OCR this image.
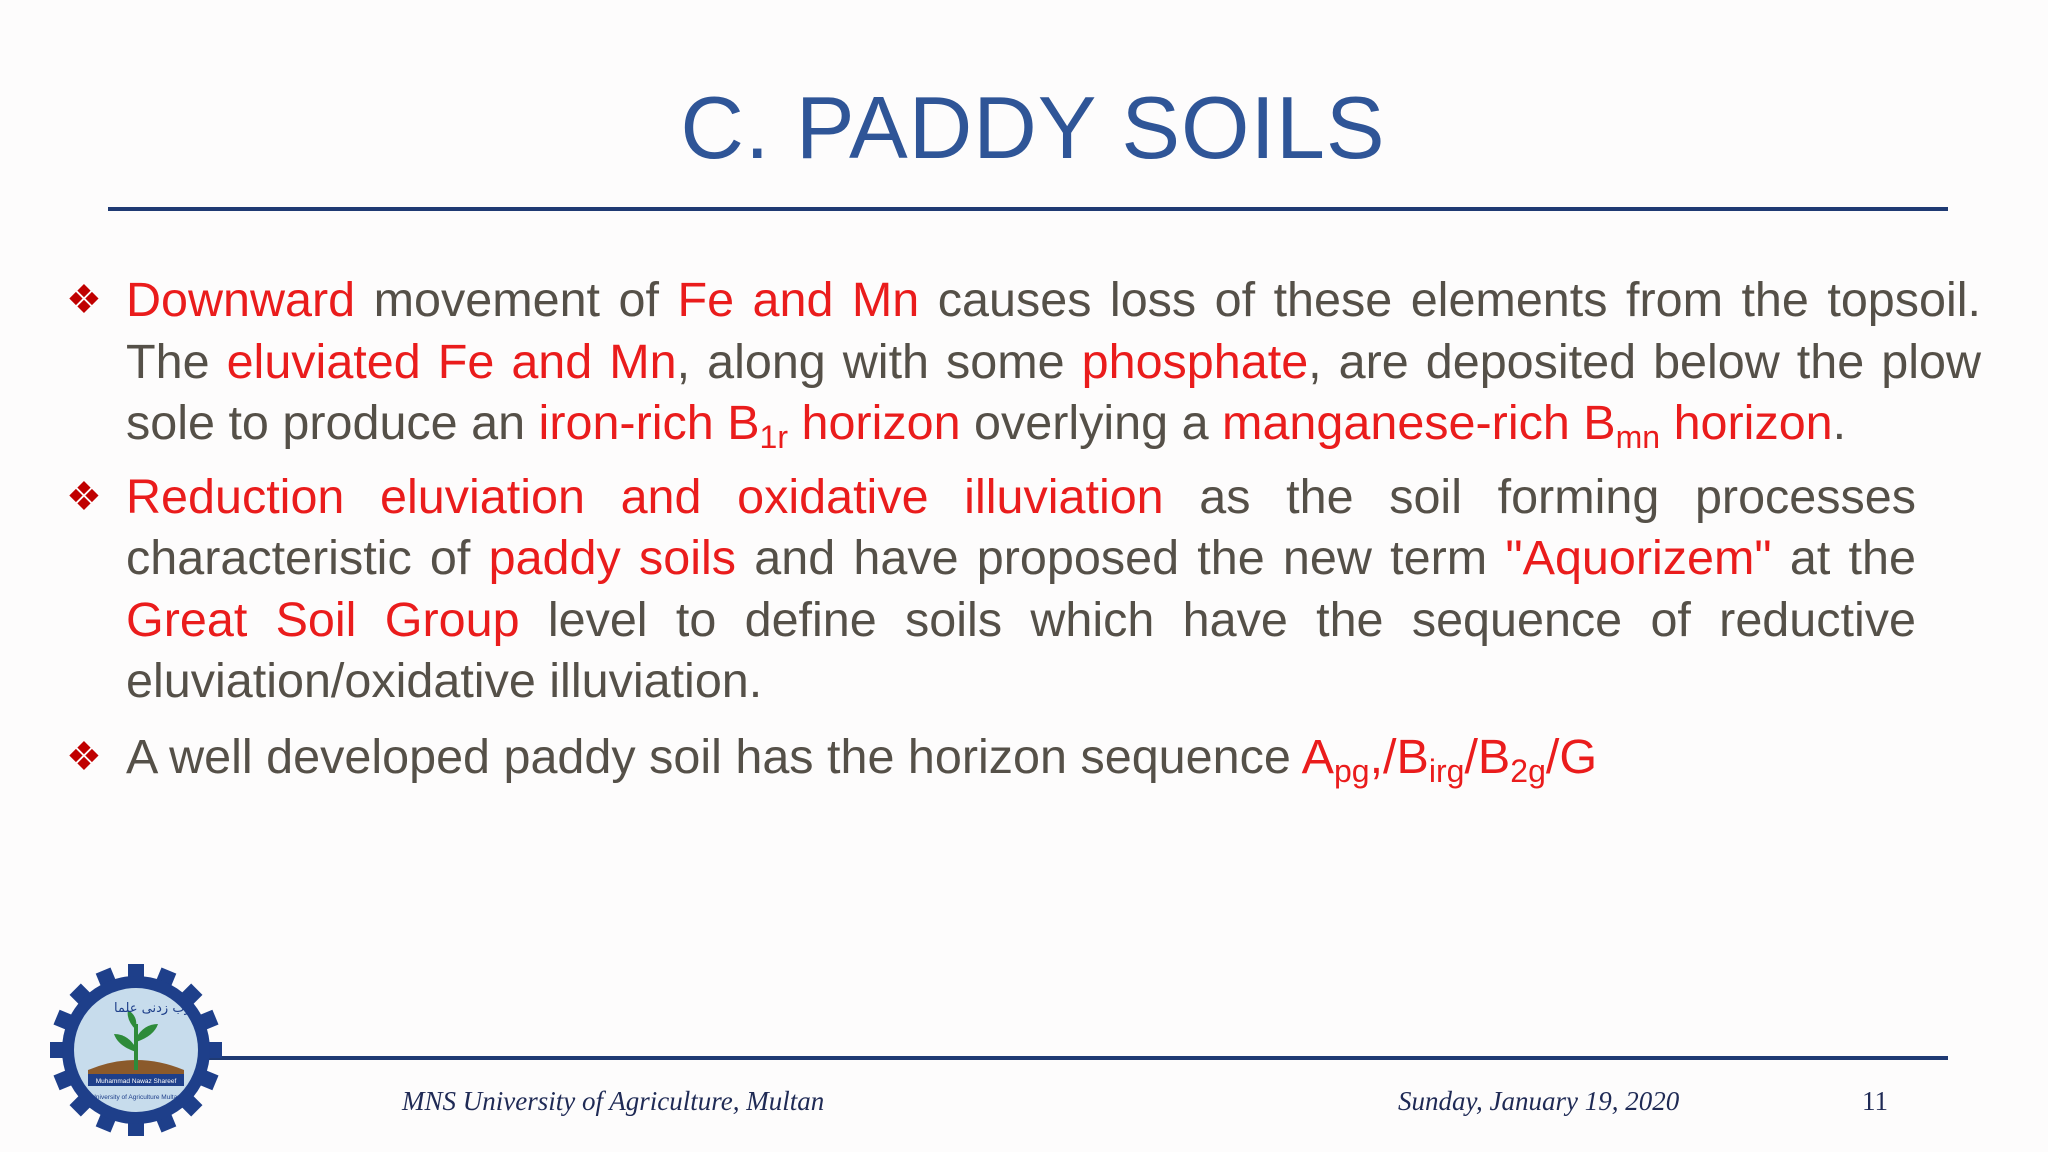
C. PADDY SOILS
❖ Downward movement of Fe and Mn causes loss of these elements from the topsoil. The eluviated Fe and Mn, along with some phosphate, are deposited below the plow sole to produce an iron-rich $B_{1r}$ horizon overlying a manganese-rich $B_{mn}$ horizon.
❖ Reduction eluviation and oxidative illuviation as the soil forming processes characteristic of paddy soils and have proposed the new term "Aquorizem" at the Great Soil Group level to define soils which have the sequence of reductive eluviation/oxidative illuviation.
❖ A well developed paddy soil has the horizon sequence $A_{pg},/B_{irg}/B_{2g}/G$
رب زدنی علما
Muhammad Nawaz Shareef
University of Agriculture Multan	MNS University of Agriculture, Multan	Sunday, January 19, 2020	11
